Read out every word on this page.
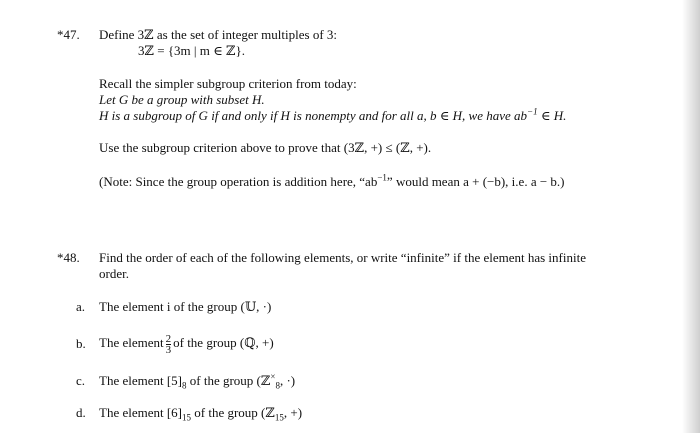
*47. Define 3ℤ as the set of integer multiples of 3:
3ℤ = {3m | m ∈ ℤ}.
Recall the simpler subgroup criterion from today:
Let G be a group with subset H.
H is a subgroup of G if and only if H is nonempty and for all a, b ∈ H, we have $ab^{-1}$ ∈ H.
Use the subgroup criterion above to prove that (3ℤ, +) ≤ (ℤ, +).
(Note: Since the group operation is addition here, “$ab^{-1}$” would mean a + (−b), i.e. a − b.)
*48. Find the order of each of the following elements, or write “infinite” if the element has infinite
order.
a. The element i of the group (𝕌, ·)
b. The element $\frac{2}{3}$ of the group (ℚ, +)
c. The element $[5]_8$ of the group (ℤ×$_8$, ·)
d. The element $[6]_{15}$ of the group (ℤ$_{15}$, +)
